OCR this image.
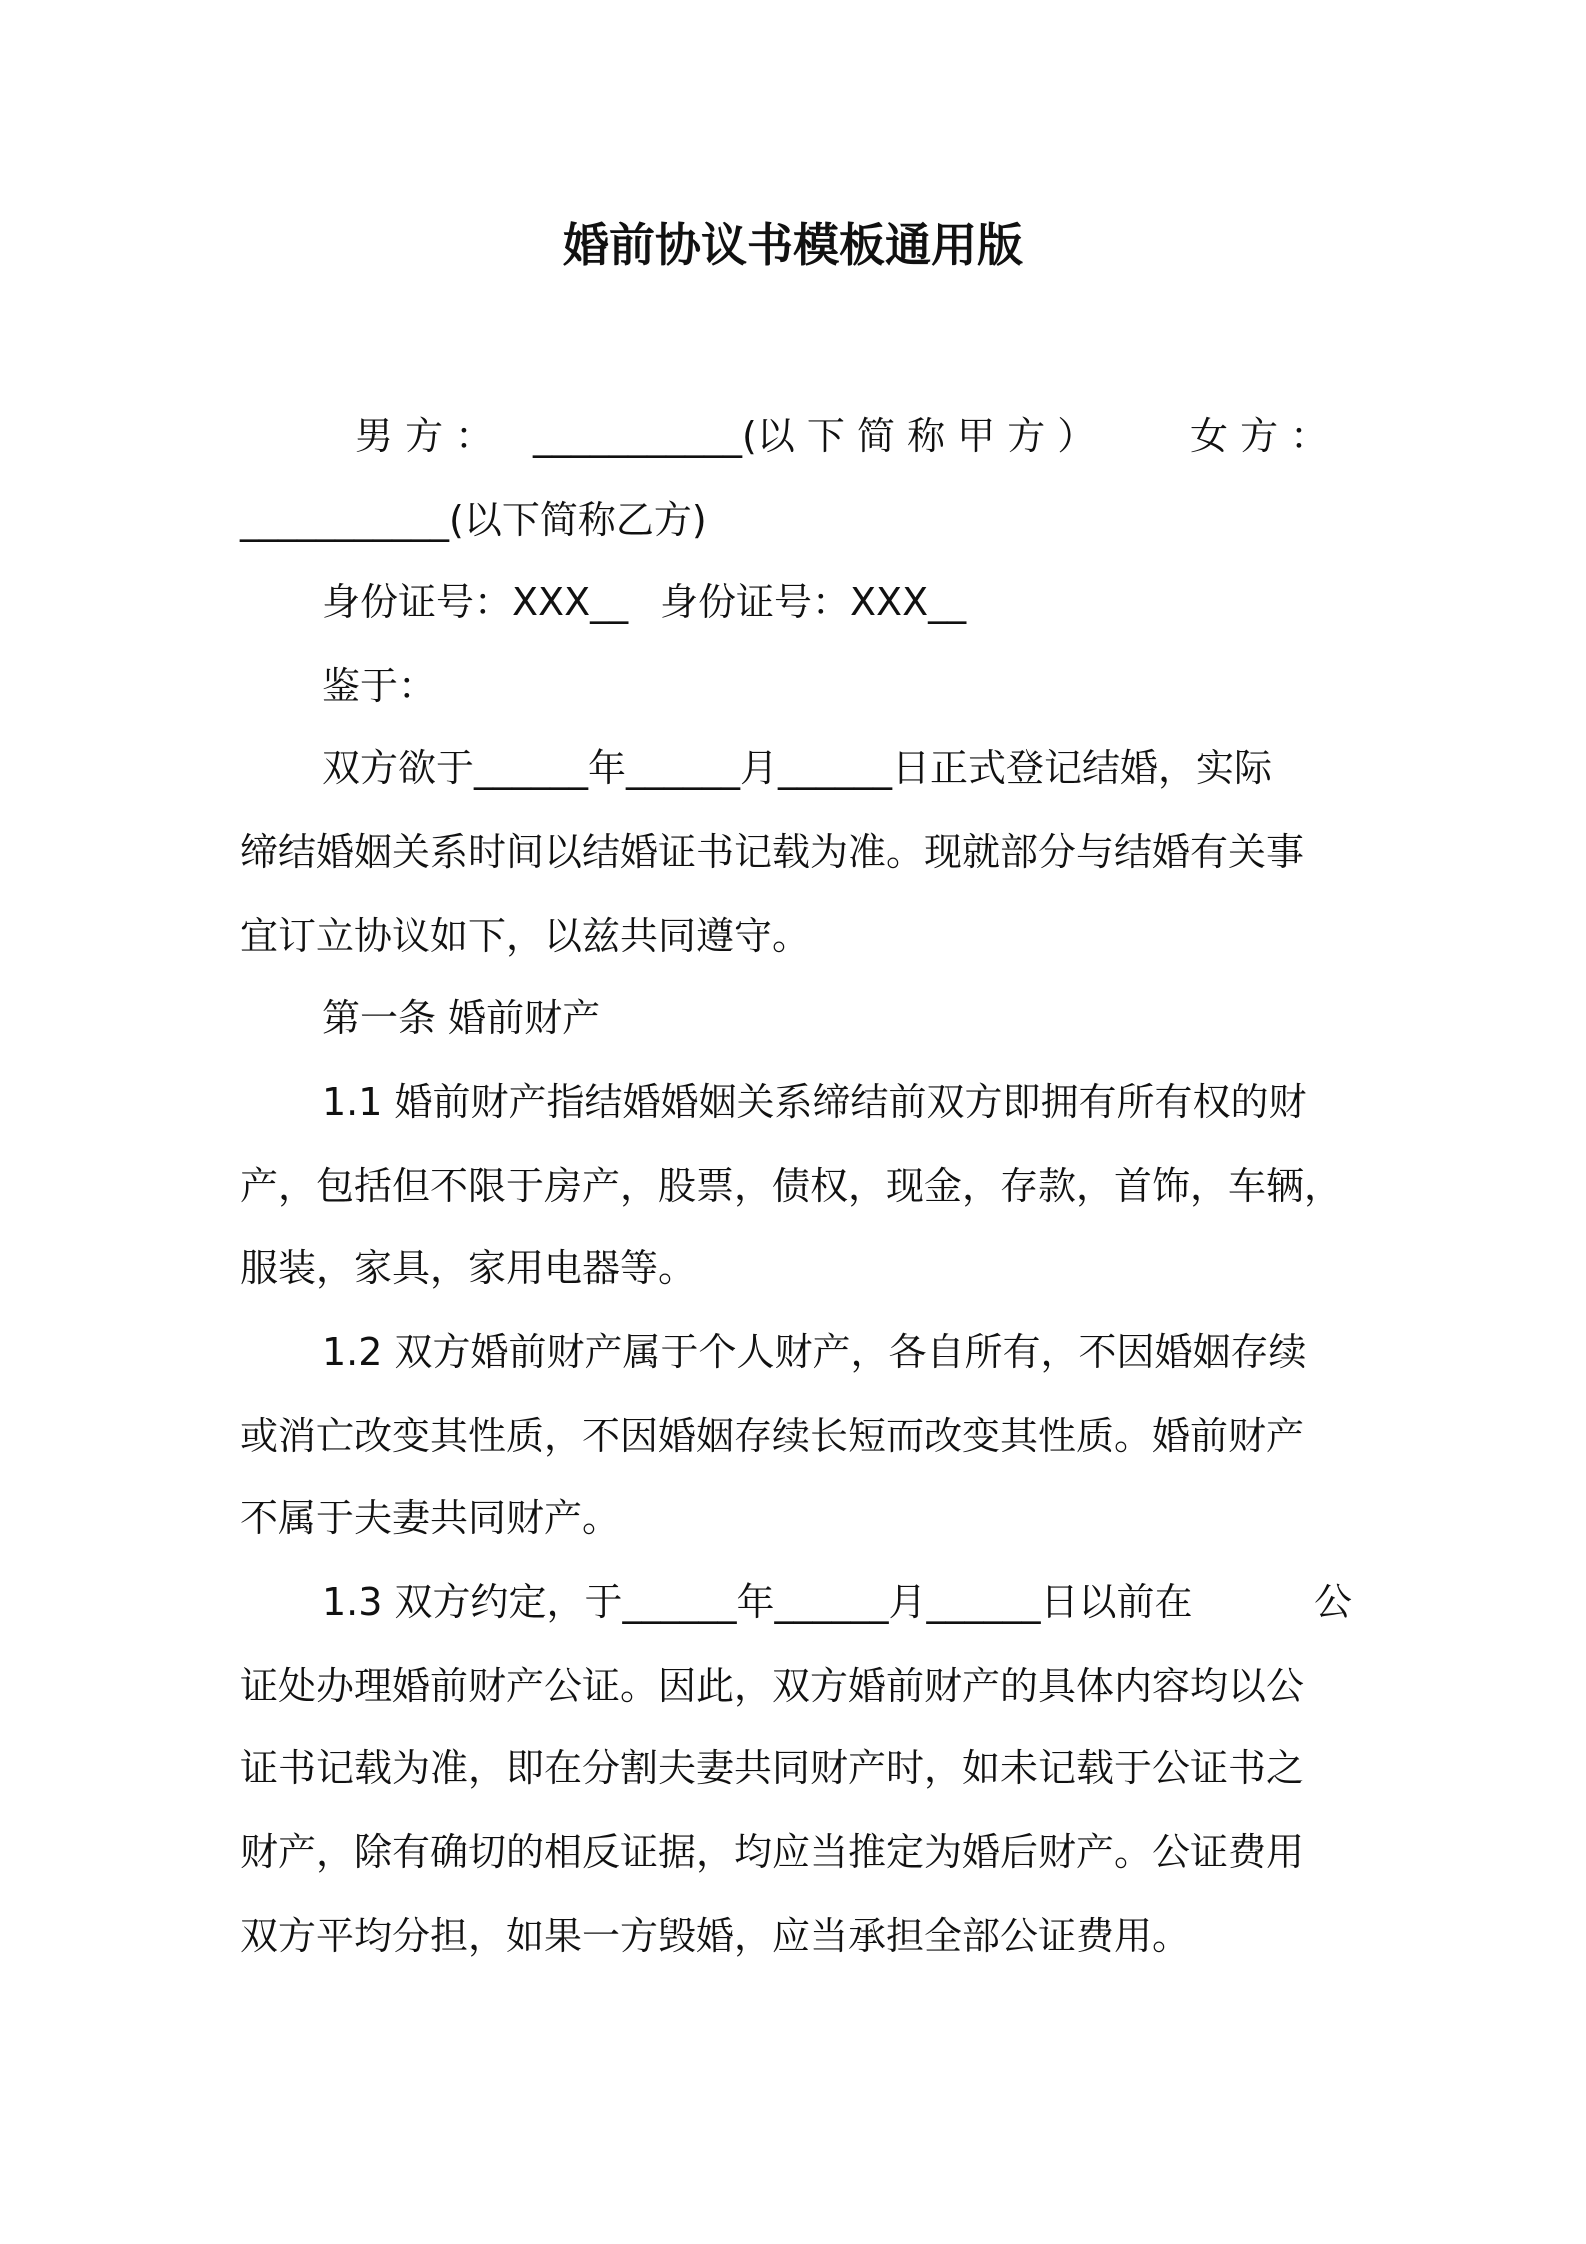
婚前协议书模板通用版
男 方 ： ___________(以 下 简 称 甲 方 ） 女 方 ：
___________(以下简称乙方)
身份证号：XXX__ 身份证号：XXX__
鉴于：
双方欲于______年______月______日正式登记结婚，实际
缔结婚姻关系时间以结婚证书记载为准。现就部分与结婚有关事
宜订立协议如下，以兹共同遵守。
第一条 婚前财产
1.1 婚前财产指结婚婚姻关系缔结前双方即拥有所有权的财
产，包括但不限于房产，股票，债权，现金，存款，首饰，车辆，
服装，家具，家用电器等。
1.2 双方婚前财产属于个人财产，各自所有，不因婚姻存续
或消亡改变其性质，不因婚姻存续长短而改变其性质。婚前财产
不属于夫妻共同财产。
1.3 双方约定，于______年______月______日以前在	公
证处办理婚前财产公证。因此，双方婚前财产的具体内容均以公
证书记载为准，即在分割夫妻共同财产时，如未记载于公证书之
财产，除有确切的相反证据，均应当推定为婚后财产。公证费用
双方平均分担，如果一方毁婚，应当承担全部公证费用。
